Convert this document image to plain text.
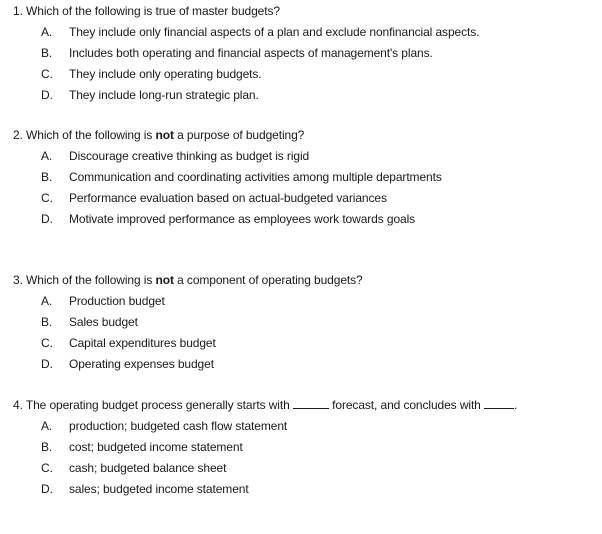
1. Which of the following is true of master budgets?
A.	They include only financial aspects of a plan and exclude nonfinancial aspects.
B.	Includes both operating and financial aspects of management's plans.
C.	They include only operating budgets.
D.	They include long-run strategic plan.
2. Which of the following is not a purpose of budgeting?
A.	Discourage creative thinking as budget is rigid
B.	Communication and coordinating activities among multiple departments
C.	Performance evaluation based on actual-budgeted variances
D.	Motivate improved performance as employees work towards goals
3. Which of the following is not a component of operating budgets?
A.	Production budget
B.	Sales budget
C.	Capital expenditures budget
D.	Operating expenses budget
4. The operating budget process generally starts with	forecast, and concludes with	.
A.	production; budgeted cash flow statement
B.	cost; budgeted income statement
C.	cash; budgeted balance sheet
D.	sales; budgeted income statement
